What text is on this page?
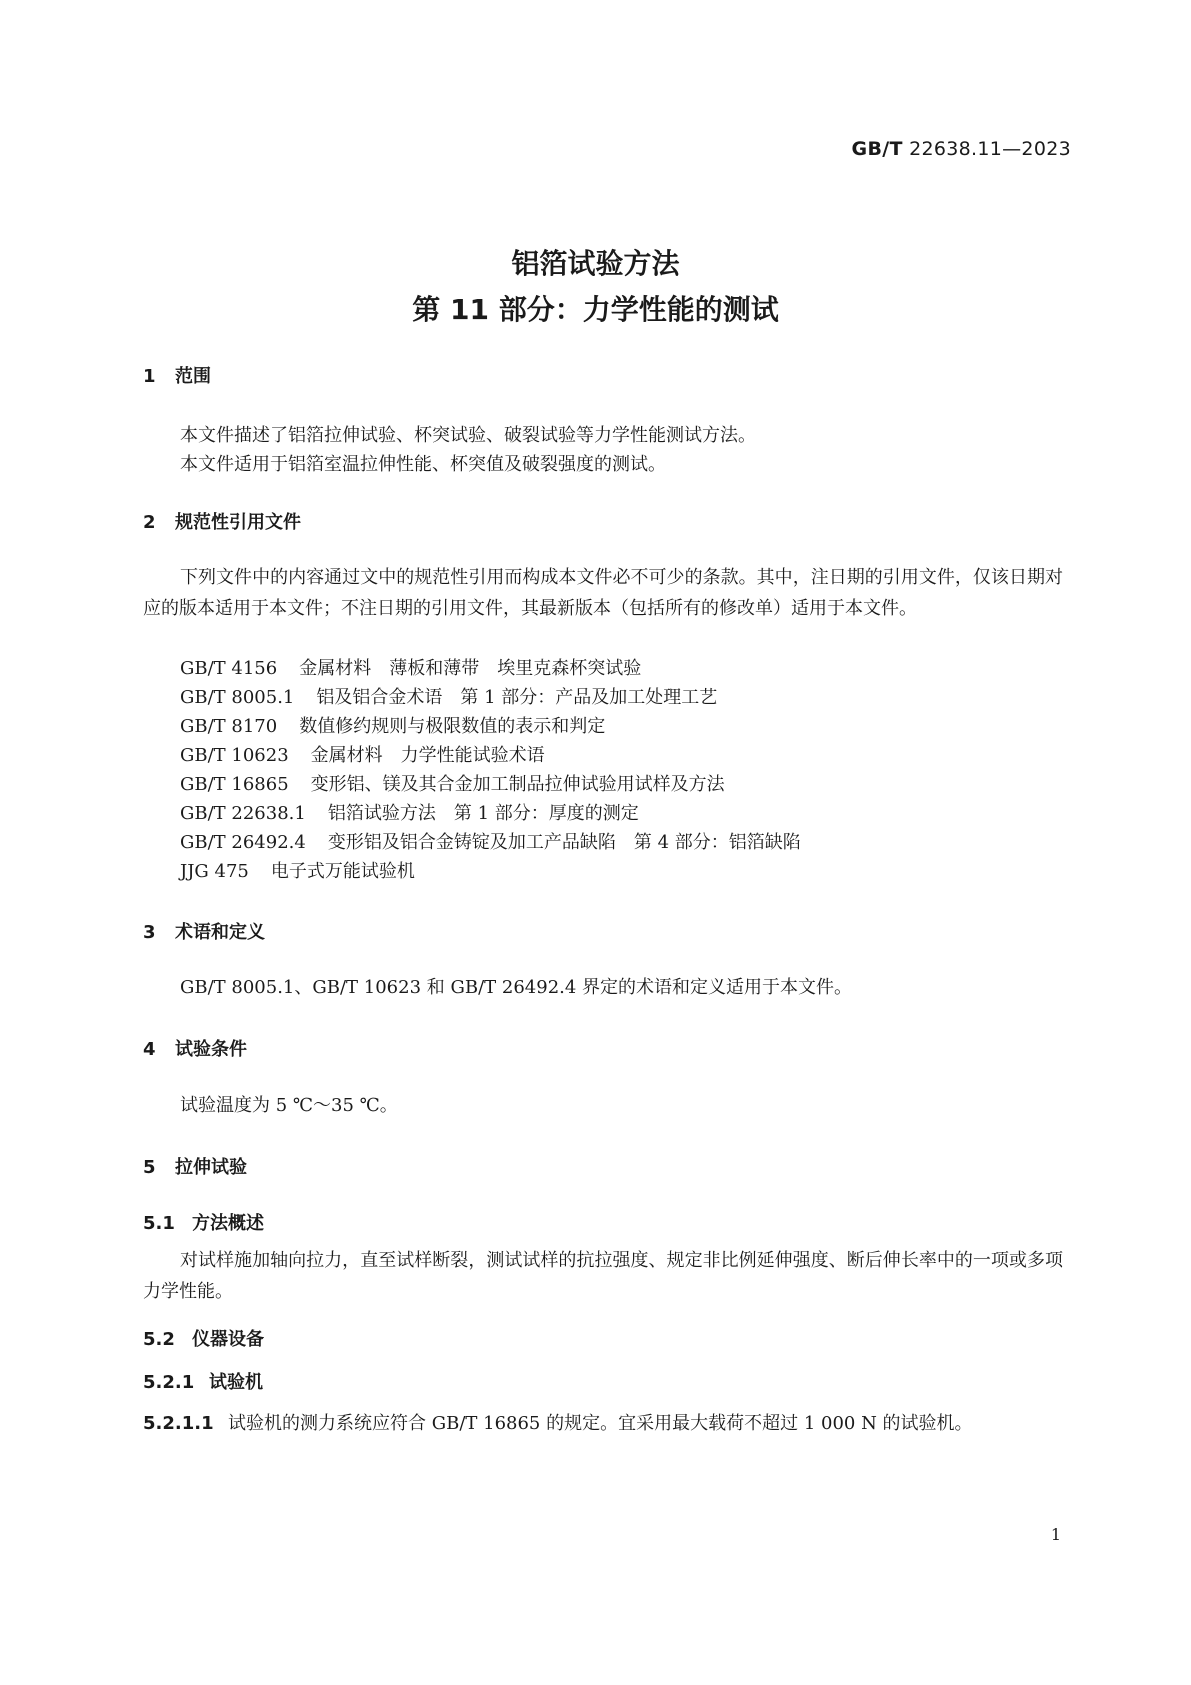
GB/T 22638.11—2023
铝箔试验方法
第 11 部分：力学性能的测试
1 范围
本文件描述了铝箔拉伸试验、杯突试验、破裂试验等力学性能测试方法。
本文件适用于铝箔室温拉伸性能、杯突值及破裂强度的测试。
2 规范性引用文件
下列文件中的内容通过文中的规范性引用而构成本文件必不可少的条款。其中，注日期的引用文件，仅该日期对应的版本适用于本文件；不注日期的引用文件，其最新版本（包括所有的修改单）适用于本文件。
GB/T 4156 金属材料　薄板和薄带　埃里克森杯突试验
GB/T 8005.1 铝及铝合金术语　第 1 部分：产品及加工处理工艺
GB/T 8170 数值修约规则与极限数值的表示和判定
GB/T 10623 金属材料　力学性能试验术语
GB/T 16865 变形铝、镁及其合金加工制品拉伸试验用试样及方法
GB/T 22638.1 铝箔试验方法　第 1 部分：厚度的测定
GB/T 26492.4 变形铝及铝合金铸锭及加工产品缺陷　第 4 部分：铝箔缺陷
JJG 475 电子式万能试验机
3 术语和定义
GB/T 8005.1、GB/T 10623 和 GB/T 26492.4 界定的术语和定义适用于本文件。
4 试验条件
试验温度为 5 ℃～35 ℃。
5 拉伸试验
5.1 方法概述
对试样施加轴向拉力，直至试样断裂，测试试样的抗拉强度、规定非比例延伸强度、断后伸长率中的一项或多项力学性能。
5.2 仪器设备
5.2.1 试验机
5.2.1.1 试验机的测力系统应符合 GB/T 16865 的规定。宜采用最大载荷不超过 1 000 N 的试验机。
1
